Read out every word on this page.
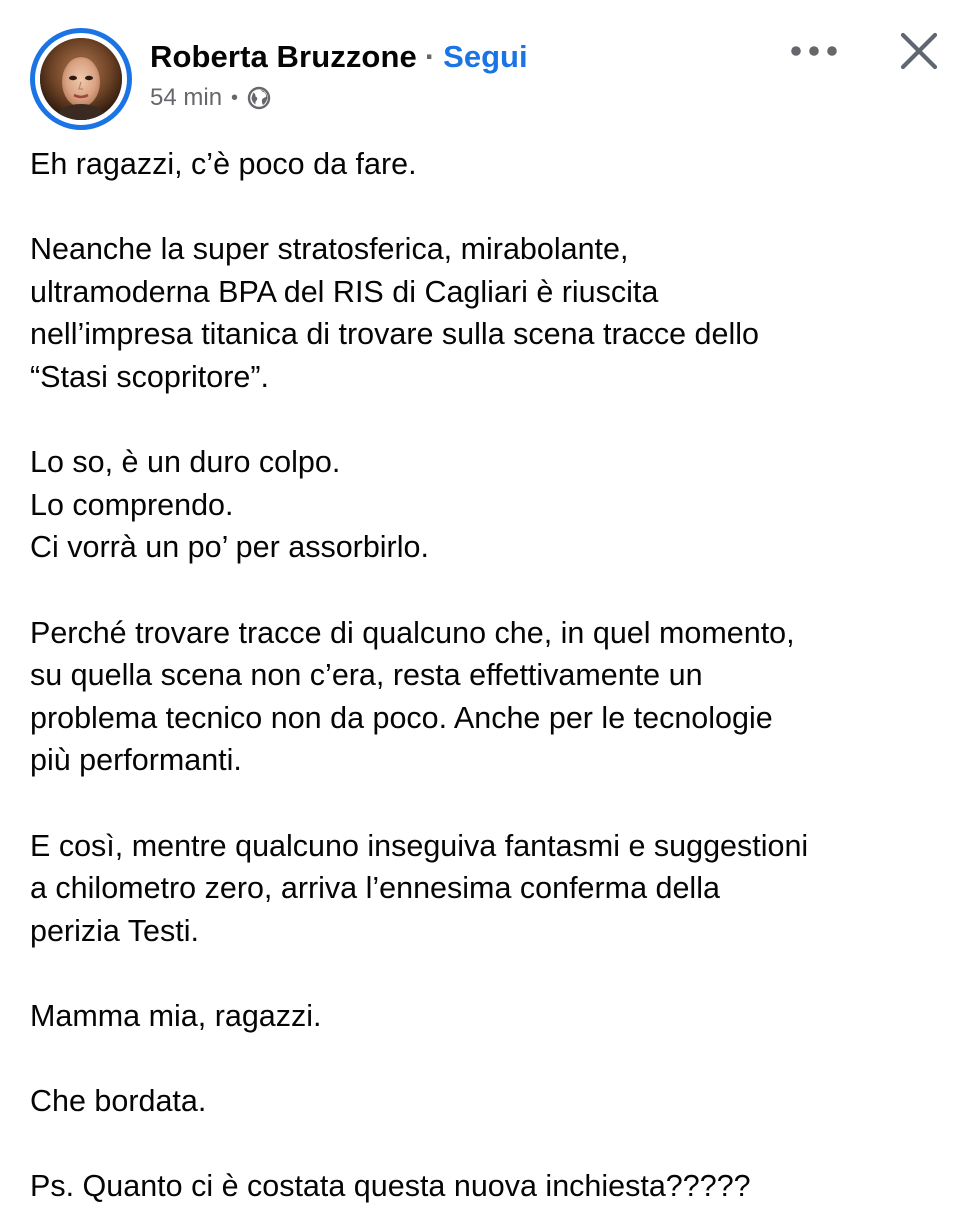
Roberta Bruzzone · Segui
54 min •

Eh ragazzi, c’è poco da fare.

Neanche la super stratosferica, mirabolante,
ultramoderna BPA del RIS di Cagliari è riuscita
nell’impresa titanica di trovare sulla scena tracce dello
“Stasi scopritore”.

Lo so, è un duro colpo.
Lo comprendo.
Ci vorrà un po’ per assorbirlo.

Perché trovare tracce di qualcuno che, in quel momento,
su quella scena non c’era, resta effettivamente un
problema tecnico non da poco. Anche per le tecnologie
più performanti.

E così, mentre qualcuno inseguiva fantasmi e suggestioni
a chilometro zero, arriva l’ennesima conferma della
perizia Testi.

Mamma mia, ragazzi.

Che bordata.

Ps. Quanto ci è costata questa nuova inchiesta?????
